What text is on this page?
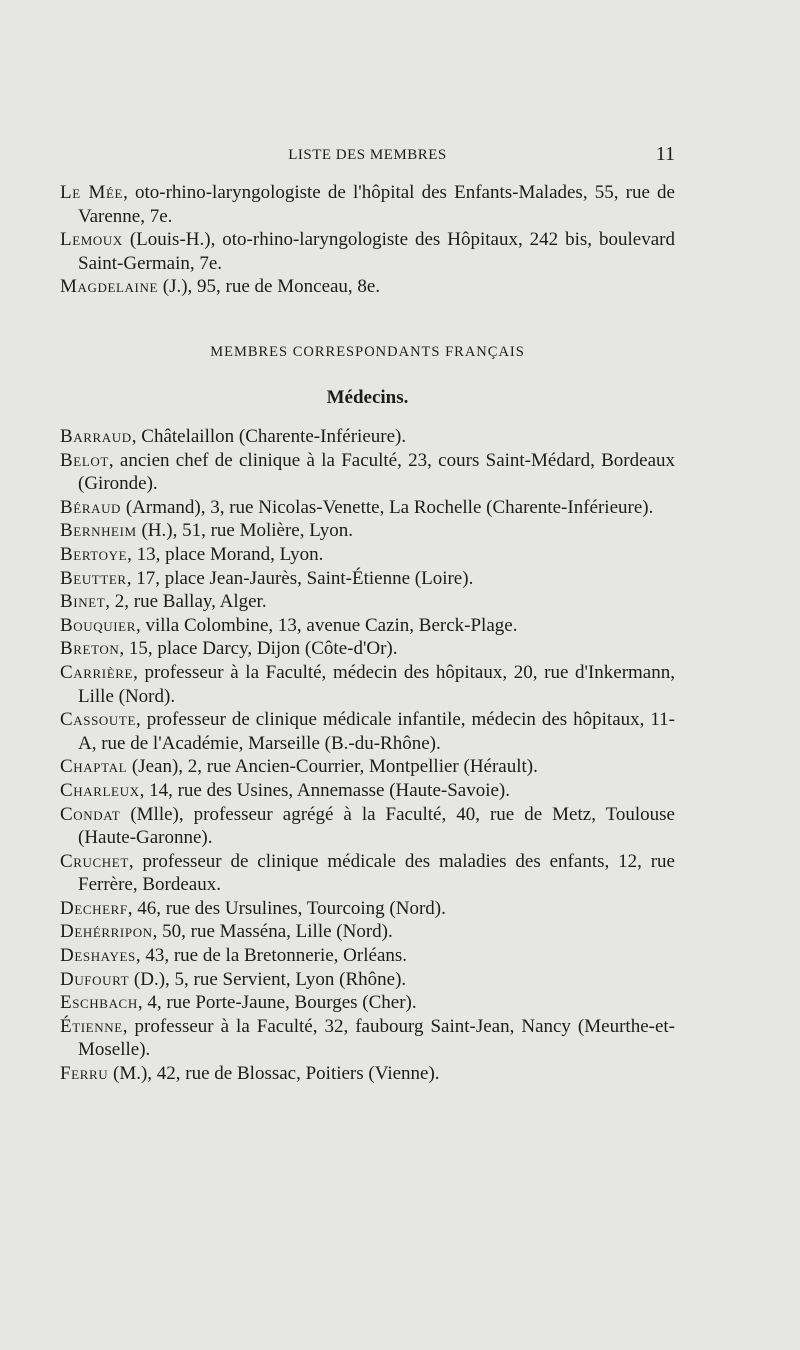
LISTE DES MEMBRES	11

Le Mée, oto-rhino-laryngologiste de l'hôpital des Enfants-Malades, 55, rue de Varenne, 7e.

Lemoux (Louis-H.), oto-rhino-laryngologiste des Hôpitaux, 242 bis, boulevard Saint-Germain, 7e.

Magdelaine (J.), 95, rue de Monceau, 8e.

MEMBRES CORRESPONDANTS FRANÇAIS
Médecins.

Barraud, Châtelaillon (Charente-Inférieure).

Belot, ancien chef de clinique à la Faculté, 23, cours Saint-Médard, Bordeaux (Gironde).

Béraud (Armand), 3, rue Nicolas-Venette, La Rochelle (Charente-Inférieure).

Bernheim (H.), 51, rue Molière, Lyon.

Bertoye, 13, place Morand, Lyon.

Beutter, 17, place Jean-Jaurès, Saint-Étienne (Loire).

Binet, 2, rue Ballay, Alger.

Bouquier, villa Colombine, 13, avenue Cazin, Berck-Plage.

Breton, 15, place Darcy, Dijon (Côte-d'Or).

Carrière, professeur à la Faculté, médecin des hôpitaux, 20, rue d'Inkermann, Lille (Nord).

Cassoute, professeur de clinique médicale infantile, médecin des hôpitaux, 11-A, rue de l'Académie, Marseille (B.-du-Rhône).

Chaptal (Jean), 2, rue Ancien-Courrier, Montpellier (Hérault).

Charleux, 14, rue des Usines, Annemasse (Haute-Savoie).

Condat (Mlle), professeur agrégé à la Faculté, 40, rue de Metz, Toulouse (Haute-Garonne).

Cruchet, professeur de clinique médicale des maladies des enfants, 12, rue Ferrère, Bordeaux.

Decherf, 46, rue des Ursulines, Tourcoing (Nord).

Dehérripon, 50, rue Masséna, Lille (Nord).

Deshayes, 43, rue de la Bretonnerie, Orléans.

Dufourt (D.), 5, rue Servient, Lyon (Rhône).

Eschbach, 4, rue Porte-Jaune, Bourges (Cher).

Étienne, professeur à la Faculté, 32, faubourg Saint-Jean, Nancy (Meurthe-et-Moselle).

Ferru (M.), 42, rue de Blossac, Poitiers (Vienne).
